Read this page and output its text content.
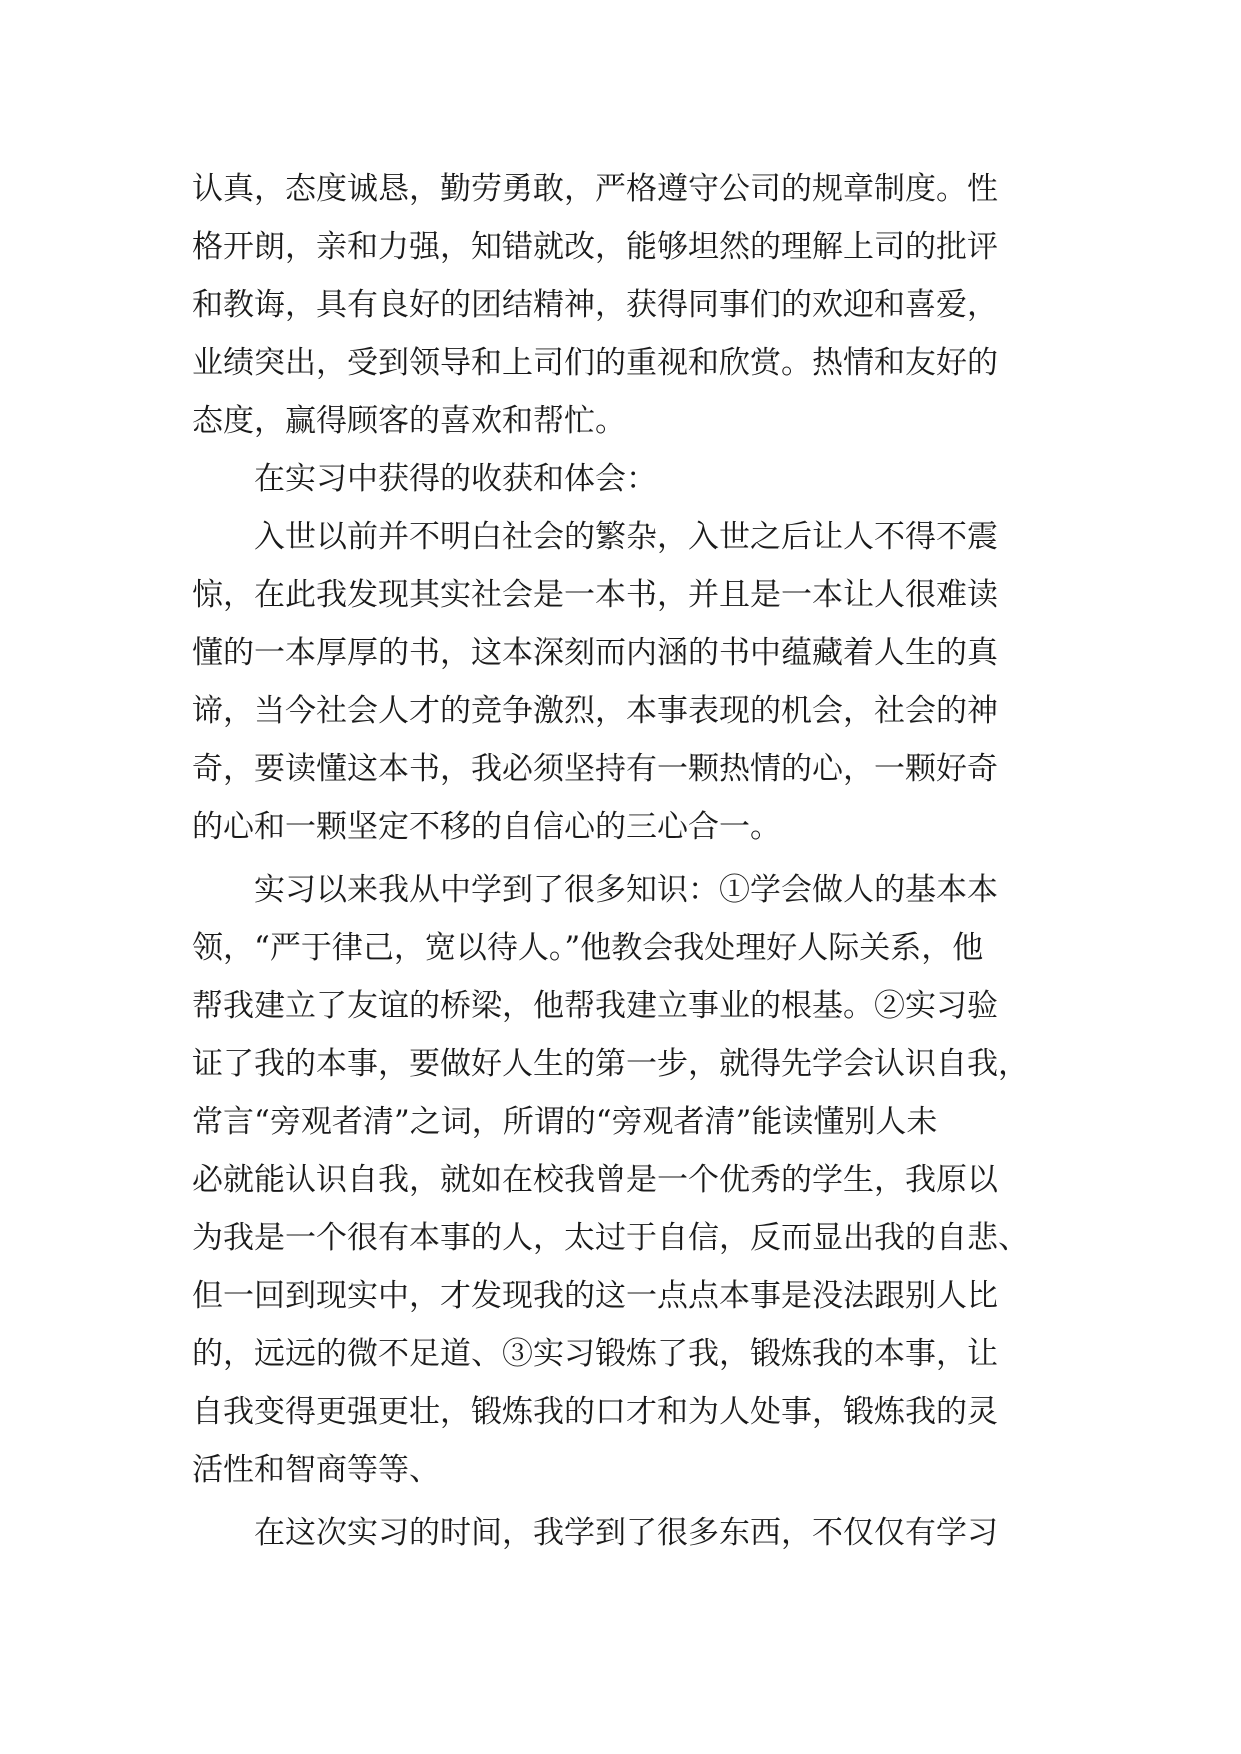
认真，态度诚恳，勤劳勇敢，严格遵守公司的规章制度。性
格开朗，亲和力强，知错就改，能够坦然的理解上司的批评
和教诲，具有良好的团结精神，获得同事们的欢迎和喜爱，
业绩突出，受到领导和上司们的重视和欣赏。热情和友好的
态度，赢得顾客的喜欢和帮忙。
　　在实习中获得的收获和体会：
　　入世以前并不明白社会的繁杂，入世之后让人不得不震
惊，在此我发现其实社会是一本书，并且是一本让人很难读
懂的一本厚厚的书，这本深刻而内涵的书中蕴藏着人生的真
谛，当今社会人才的竞争激烈，本事表现的机会，社会的神
奇，要读懂这本书，我必须坚持有一颗热情的心，一颗好奇
的心和一颗坚定不移的自信心的三心合一。
　　实习以来我从中学到了很多知识：①学会做人的基本本
领，“严于律己，宽以待人。”他教会我处理好人际关系，他
帮我建立了友谊的桥梁，他帮我建立事业的根基。②实习验
证了我的本事，要做好人生的第一步，就得先学会认识自我，
常言“旁观者清”之词，所谓的“旁观者清”能读懂别人未
必就能认识自我，就如在校我曾是一个优秀的学生，我原以
为我是一个很有本事的人，太过于自信，反而显出我的自悲、
但一回到现实中，才发现我的这一点点本事是没法跟别人比
的，远远的微不足道、③实习锻炼了我，锻炼我的本事，让
自我变得更强更壮，锻炼我的口才和为人处事，锻炼我的灵
活性和智商等等、
　　在这次实习的时间，我学到了很多东西，不仅仅有学习
